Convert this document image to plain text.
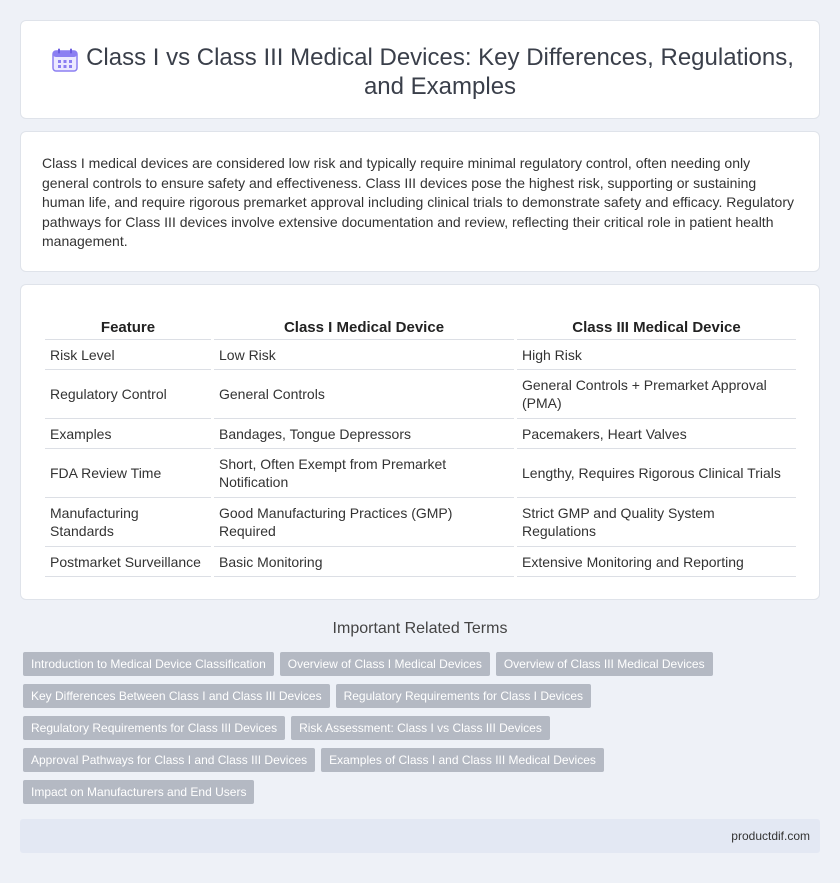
Class I vs Class III Medical Devices: Key Differences, Regulations, and Examples
Class I medical devices are considered low risk and typically require minimal regulatory control, often needing only general controls to ensure safety and effectiveness. Class III devices pose the highest risk, supporting or sustaining human life, and require rigorous premarket approval including clinical trials to demonstrate safety and efficacy. Regulatory pathways for Class III devices involve extensive documentation and review, reflecting their critical role in patient health management.
Feature	Class I Medical Device	Class III Medical Device
Risk Level	Low Risk	High Risk
Regulatory Control	General Controls	General Controls + Premarket Approval (PMA)
Examples	Bandages, Tongue Depressors	Pacemakers, Heart Valves
FDA Review Time	Short, Often Exempt from Premarket Notification	Lengthy, Requires Rigorous Clinical Trials
Manufacturing Standards	Good Manufacturing Practices (GMP) Required	Strict GMP and Quality System Regulations
Postmarket Surveillance	Basic Monitoring	Extensive Monitoring and Reporting
Important Related Terms
Introduction to Medical Device Classification Overview of Class I Medical Devices Overview of Class III Medical Devices
Key Differences Between Class I and Class III Devices Regulatory Requirements for Class I Devices
Regulatory Requirements for Class III Devices Risk Assessment: Class I vs Class III Devices
Approval Pathways for Class I and Class III Devices Examples of Class I and Class III Medical Devices
Impact on Manufacturers and End Users
productdif.com
